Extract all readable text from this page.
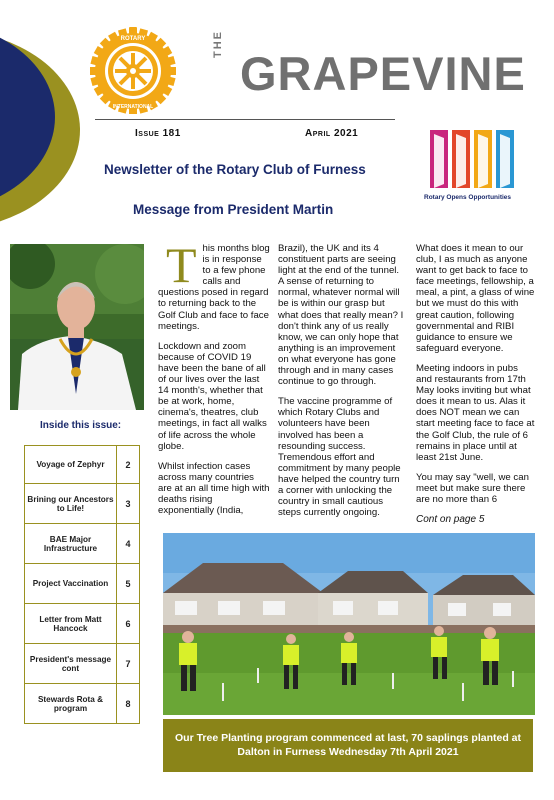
ROTARY
INTERNATIONAL
THE
GRAPEVINE
Issue 181	April 2021
Rotary Opens Opportunities
Newsletter of the Rotary Club of Furness
Message from President Martin
Inside this issue:
Voyage of Zephyr	2
Brining our Ancestors to Life!	3
BAE Major Infrastructure	4
Project Vaccination	5
Letter from Matt Hancock	6
President's message cont	7
Stewards Rota & program	8

This months blog is in response to a few phone calls and questions posed in regard to returning back to the Golf Club and face to face meetings.

Lockdown and zoom because of COVID 19 have been the bane of all of our lives over the last 14 month's, whether that be at work, home, cinema's, theatres, club meetings, in fact all walks of life across the whole globe.

Whilst infection cases across many countries are at an all time high with deaths rising exponentially (India,

Brazil), the UK and its 4 constituent parts are seeing light at the end of the tunnel. A sense of returning to normal, whatever normal will be is within our grasp but what does that really mean? I don't think any of us really know, we can only hope that anything is an improvement on what everyone has gone through and in many cases continue to go through.

The vaccine programme of which Rotary Clubs and volunteers have been involved has been a resounding success. Tremendous effort and commitment by many people have helped the country turn a corner with unlocking the country in small cautious steps currently ongoing.

What does it mean to our club, I as much as anyone want to get back to face to face meetings, fellowship, a meal, a pint, a glass of wine but we must do this with great caution, following governmental and RIBI guidance to ensure we safeguard everyone.

Meeting indoors in pubs and restaurants from 17th May looks inviting but what does it mean to us. Alas it does NOT mean we can start meeting face to face at the Golf Club, the rule of 6 remains in place until at least 21st June.

You may say "well, we can meet but make sure there are no more than 6

Cont on page 5

Our Tree Planting program commenced at last, 70 saplings planted at Dalton in Furness Wednesday 7th April 2021
